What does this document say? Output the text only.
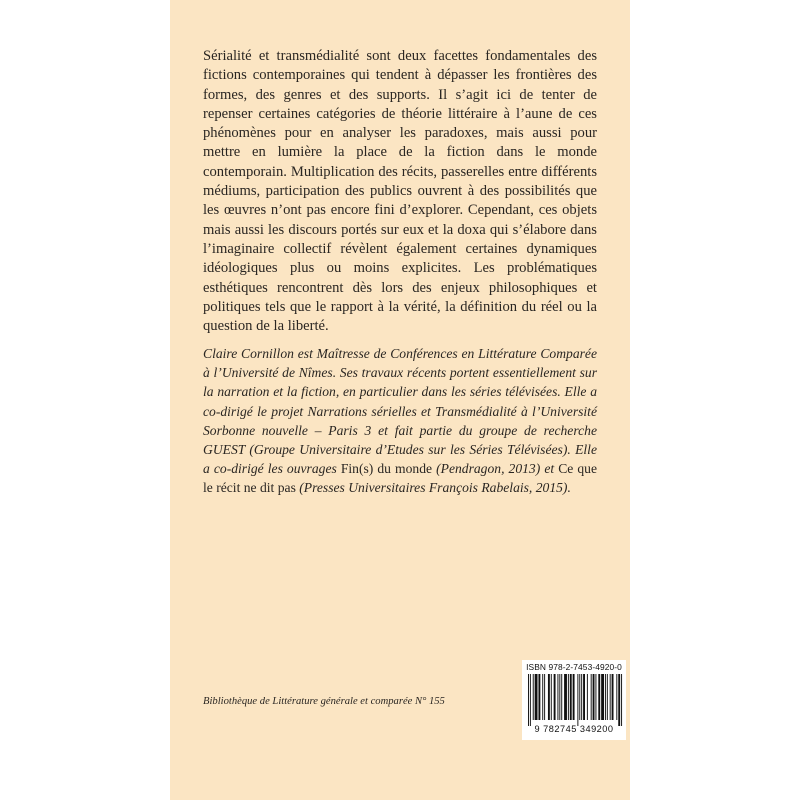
Sérialité et transmédialité sont deux facettes fondamentales des fictions contemporaines qui tendent à dépasser les frontières des formes, des genres et des supports. Il s’agit ici de tenter de repenser certaines catégories de théorie littéraire à l’aune de ces phénomènes pour en analyser les paradoxes, mais aussi pour mettre en lumière la place de la fiction dans le monde contemporain. Multiplication des récits, passerelles entre différents médiums, participation des publics ouvrent à des possibilités que les œuvres n’ont pas encore fini d’explorer. Cependant, ces objets mais aussi les discours portés sur eux et la doxa qui s’élabore dans l’imaginaire collectif révèlent également certaines dynamiques idéologiques plus ou moins explicites. Les problématiques esthétiques rencontrent dès lors des enjeux philosophiques et politiques tels que le rapport à la vérité, la définition du réel ou la question de la liberté.

Claire Cornillon est Maîtresse de Conférences en Littérature Comparée à l’Université de Nîmes. Ses travaux récents portent essentiellement sur la narration et la fiction, en particulier dans les séries télévisées. Elle a co-dirigé le projet Narrations sérielles et Transmédialité à l’Université Sorbonne nouvelle – Paris 3 et fait partie du groupe de recherche GUEST (Groupe Universitaire d’Etudes sur les Séries Télévisées). Elle a co-dirigé les ouvrages Fin(s) du monde (Pendragon, 2013) et Ce que le récit ne dit pas (Presses Universitaires François Rabelais, 2015).

Bibliothèque de Littérature générale et comparée N° 155
ISBN 978-2-7453-4920-0
9 782745 349200
